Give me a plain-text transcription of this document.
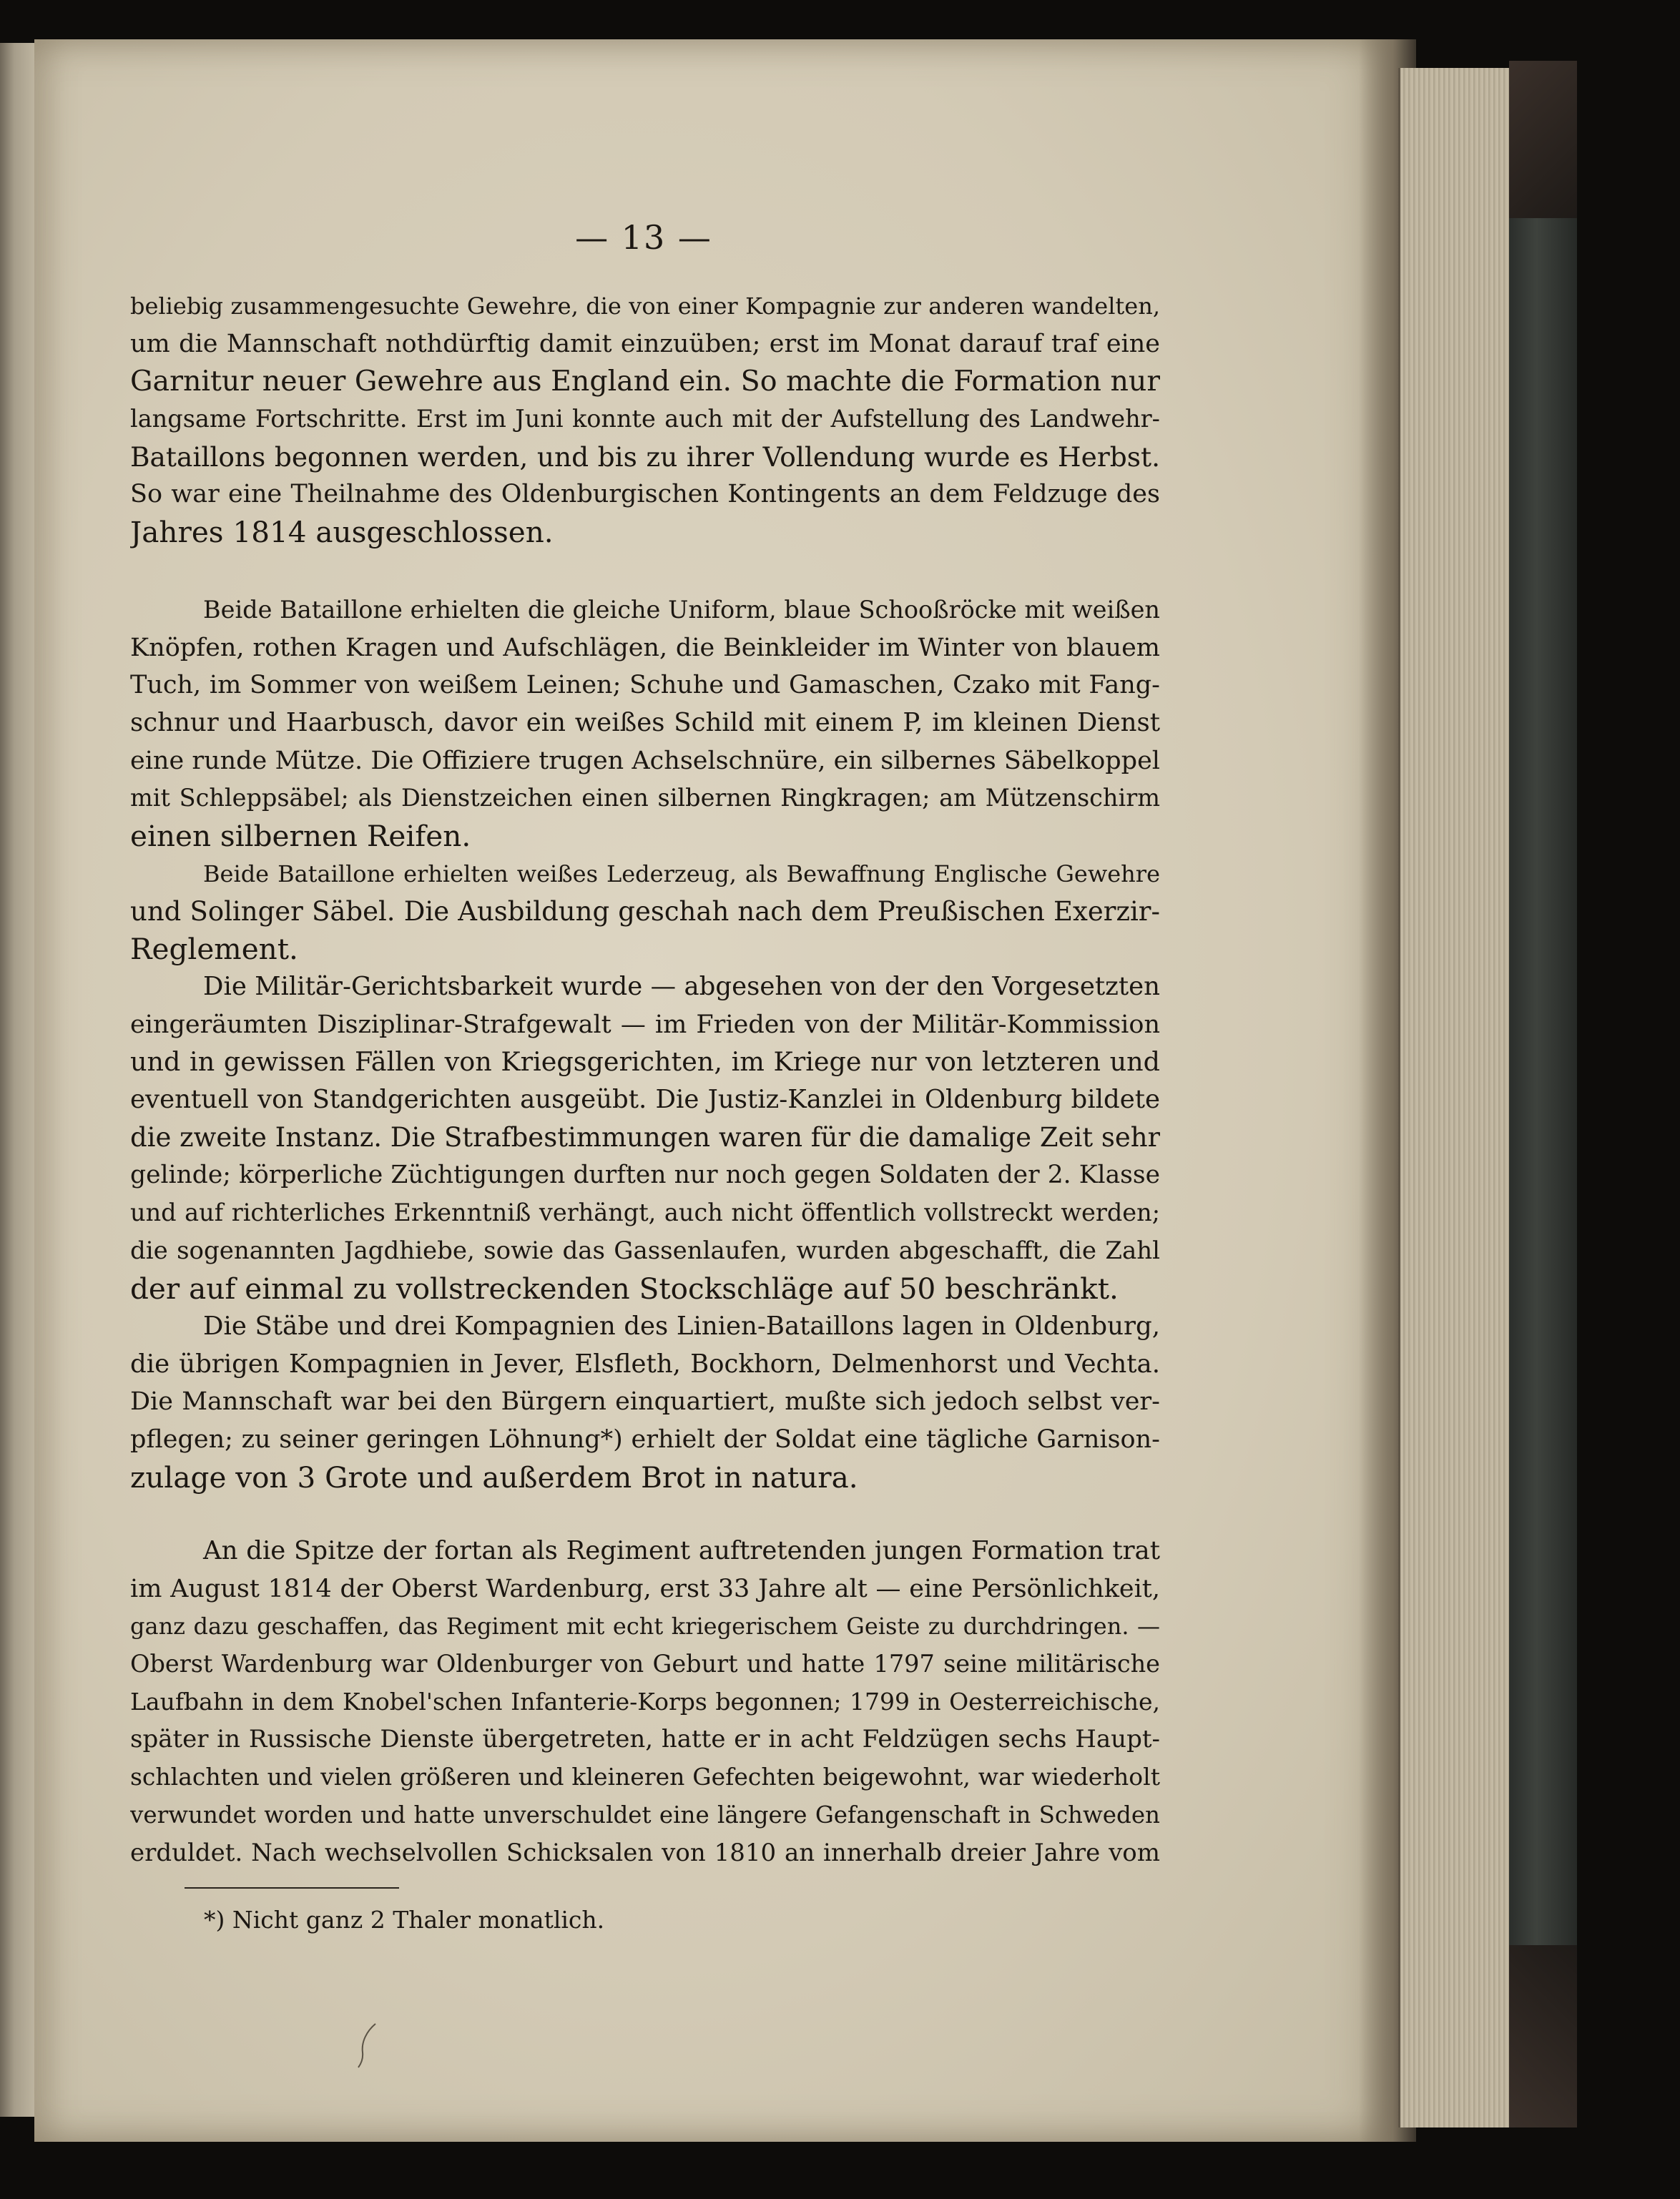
— 13 —
beliebig zusammengesuchte Gewehre, die von einer Kompagnie zur anderen wandelten,
um die Mannschaft nothdürftig damit einzuüben; erst im Monat darauf traf eine
Garnitur neuer Gewehre aus England ein. So machte die Formation nur
langsame Fortschritte. Erst im Juni konnte auch mit der Aufstellung des Landwehr-
Bataillons begonnen werden, und bis zu ihrer Vollendung wurde es Herbst.
So war eine Theilnahme des Oldenburgischen Kontingents an dem Feldzuge des
Jahres 1814 ausgeschlossen.
Beide Bataillone erhielten die gleiche Uniform, blaue Schooßröcke mit weißen
Knöpfen, rothen Kragen und Aufschlägen, die Beinkleider im Winter von blauem
Tuch, im Sommer von weißem Leinen; Schuhe und Gamaschen, Czako mit Fang-
schnur und Haarbusch, davor ein weißes Schild mit einem P, im kleinen Dienst
eine runde Mütze. Die Offiziere trugen Achselschnüre, ein silbernes Säbelkoppel
mit Schleppsäbel; als Dienstzeichen einen silbernen Ringkragen; am Mützenschirm
einen silbernen Reifen.
Beide Bataillone erhielten weißes Lederzeug, als Bewaffnung Englische Gewehre
und Solinger Säbel. Die Ausbildung geschah nach dem Preußischen Exerzir-
Reglement.
Die Militär-Gerichtsbarkeit wurde — abgesehen von der den Vorgesetzten
eingeräumten Disziplinar-Strafgewalt — im Frieden von der Militär-Kommission
und in gewissen Fällen von Kriegsgerichten, im Kriege nur von letzteren und
eventuell von Standgerichten ausgeübt. Die Justiz-Kanzlei in Oldenburg bildete
die zweite Instanz. Die Strafbestimmungen waren für die damalige Zeit sehr
gelinde; körperliche Züchtigungen durften nur noch gegen Soldaten der 2. Klasse
und auf richterliches Erkenntniß verhängt, auch nicht öffentlich vollstreckt werden;
die sogenannten Jagdhiebe, sowie das Gassenlaufen, wurden abgeschafft, die Zahl
der auf einmal zu vollstreckenden Stockschläge auf 50 beschränkt.
Die Stäbe und drei Kompagnien des Linien-Bataillons lagen in Oldenburg,
die übrigen Kompagnien in Jever, Elsfleth, Bockhorn, Delmenhorst und Vechta.
Die Mannschaft war bei den Bürgern einquartiert, mußte sich jedoch selbst ver-
pflegen; zu seiner geringen Löhnung*) erhielt der Soldat eine tägliche Garnison-
zulage von 3 Grote und außerdem Brot in natura.
An die Spitze der fortan als Regiment auftretenden jungen Formation trat
im August 1814 der Oberst Wardenburg, erst 33 Jahre alt — eine Persönlichkeit,
ganz dazu geschaffen, das Regiment mit echt kriegerischem Geiste zu durchdringen. —
Oberst Wardenburg war Oldenburger von Geburt und hatte 1797 seine militärische
Laufbahn in dem Knobel'schen Infanterie-Korps begonnen; 1799 in Oesterreichische,
später in Russische Dienste übergetreten, hatte er in acht Feldzügen sechs Haupt-
schlachten und vielen größeren und kleineren Gefechten beigewohnt, war wiederholt
verwundet worden und hatte unverschuldet eine längere Gefangenschaft in Schweden
erduldet. Nach wechselvollen Schicksalen von 1810 an innerhalb dreier Jahre vom
*) Nicht ganz 2 Thaler monatlich.
